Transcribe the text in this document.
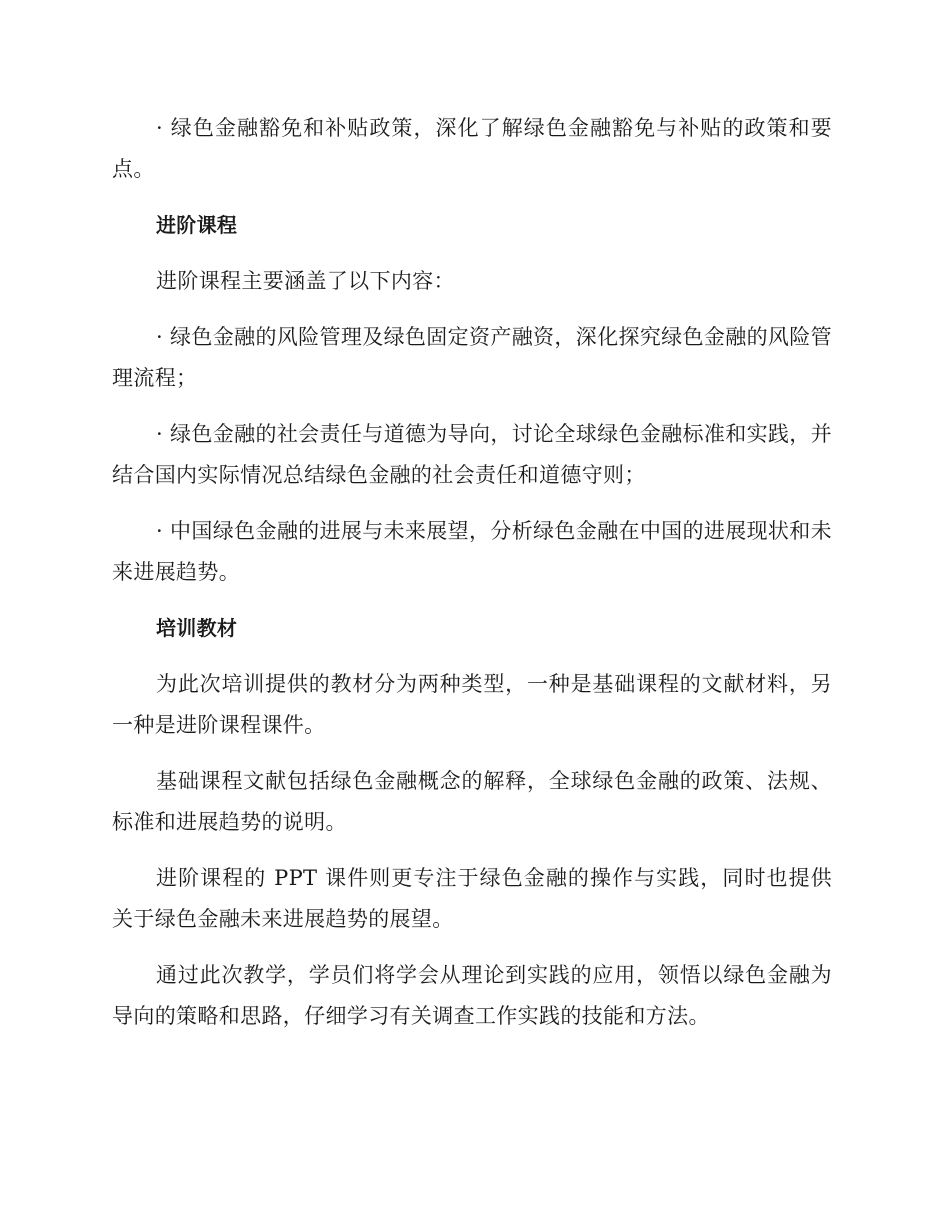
· 绿色金融豁免和补贴政策，深化了解绿色金融豁免与补贴的政策和要点。

进阶课程

进阶课程主要涵盖了以下内容：

· 绿色金融的风险管理及绿色固定资产融资，深化探究绿色金融的风险管理流程；

· 绿色金融的社会责任与道德为导向，讨论全球绿色金融标准和实践，并结合国内实际情况总结绿色金融的社会责任和道德守则；

· 中国绿色金融的进展与未来展望，分析绿色金融在中国的进展现状和未来进展趋势。

培训教材

为此次培训提供的教材分为两种类型，一种是基础课程的文献材料，另一种是进阶课程课件。

基础课程文献包括绿色金融概念的解释，全球绿色金融的政策、法规、标准和进展趋势的说明。

进阶课程的 PPT 课件则更专注于绿色金融的操作与实践，同时也提供关于绿色金融未来进展趋势的展望。

通过此次教学，学员们将学会从理论到实践的应用，领悟以绿色金融为导向的策略和思路，仔细学习有关调查工作实践的技能和方法。
